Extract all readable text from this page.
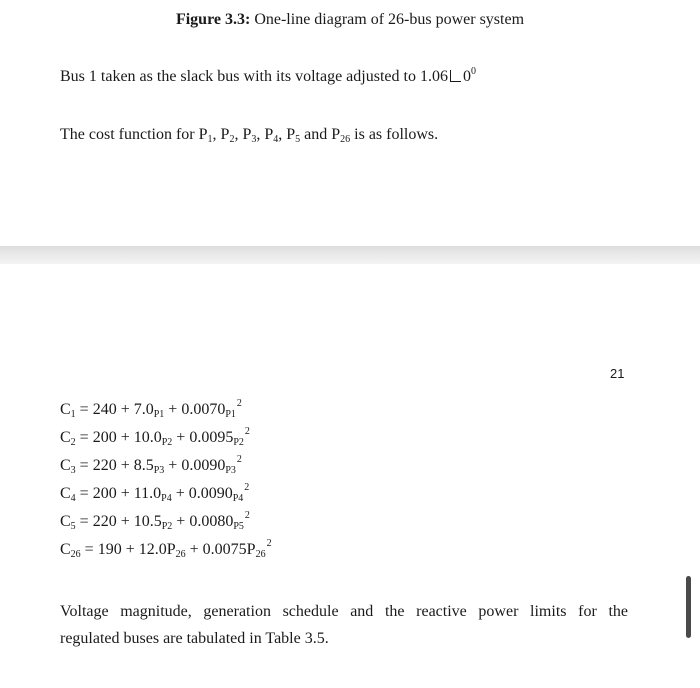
Figure 3.3: One-line diagram of 26-bus power system
Bus 1 taken as the slack bus with its voltage adjusted to 1.06 $0^0$
The cost function for $P_1$, $P_2$, $P_3$, $P_4$, $P_5$ and $P_{26}$ is as follows.
21
$C1 = 240 + 7.0P1 + 0.0070P1^2$
$C2 = 200 + 10.0P2 + 0.0095P2^2$
$C3 = 220 + 8.5P3 + 0.0090P3^2$
$C4 = 200 + 11.0P4 + 0.0090P4^2$
$C5 = 220 + 10.5P2 + 0.0080P5^2$
$C26 = 190 + 12.0P26 + 0.0075P26^2$
Voltage magnitude, generation schedule and the reactive power limits for the
regulated buses are tabulated in Table 3.5.
